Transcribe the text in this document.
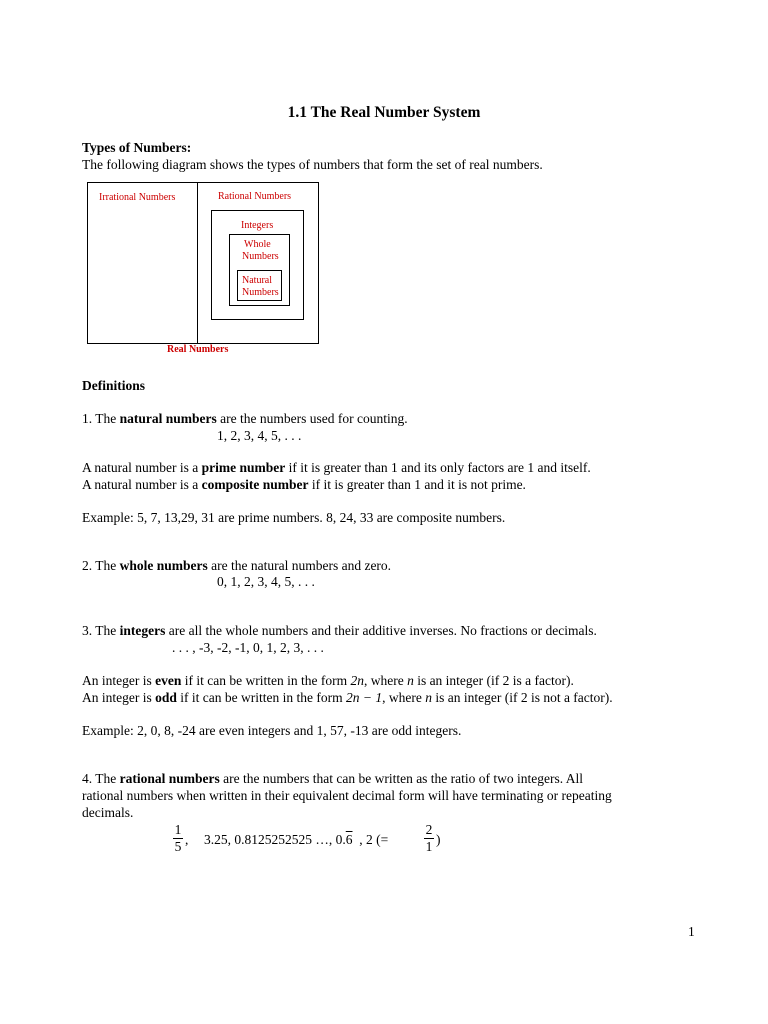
1.1 The Real Number System
Types of Numbers:
The following diagram shows the types of numbers that form the set of real numbers.
Irrational Numbers	Rational Numbers
Integers
Whole
Numbers
Natural
Numbers
Real Numbers
Definitions
1. The natural numbers are the numbers used for counting.
1, 2, 3, 4, 5, . . .
A natural number is a prime number if it is greater than 1 and its only factors are 1 and itself.
A natural number is a composite number if it is greater than 1 and it is not prime.
Example: 5, 7, 13,29, 31 are prime numbers. 8, 24, 33 are composite numbers.
2. The whole numbers are the natural numbers and zero.
0, 1, 2, 3, 4, 5, . . .
3. The integers are all the whole numbers and their additive inverses. No fractions or decimals.
. . . , -3, -2, -1, 0, 1, 2, 3, . . .
An integer is even if it can be written in the form 2n, where n is an integer (if 2 is a factor).
An integer is odd if it can be written in the form 2n − 1, where n is an integer (if 2 is not a factor).
Example: 2, 0, 8, -24 are even integers and 1, 57, -13 are odd integers.
4. The rational numbers are the numbers that can be written as the ratio of two integers. All
rational numbers when written in their equivalent decimal form will have terminating or repeating
decimals.
1
5 , 3.25, 0.8125252525 …, 0.6 , 2 (=
2
1 )
1
